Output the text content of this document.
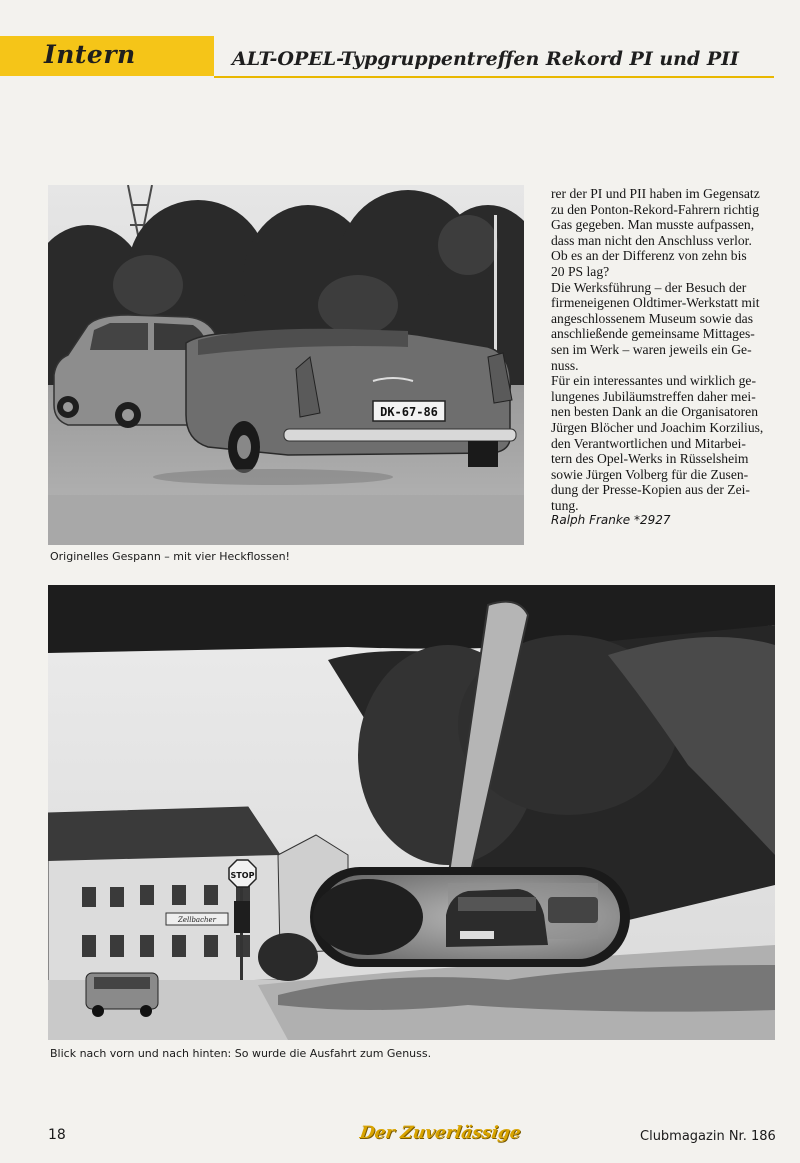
Intern	ALT-OPEL-Typgruppentreffen Rekord PI und PII
DK-67-86
Originelles Gespann – mit vier Heckflossen!
rer der PI und PII haben im Gegensatz
zu den Ponton-Rekord-Fahrern richtig
Gas gegeben. Man musste aufpassen,
dass man nicht den Anschluss verlor.
Ob es an der Differenz von zehn bis
20 PS lag?
Die Werksführung – der Besuch der
firmeneigenen Oldtimer-Werkstatt mit
angeschlossenem Museum sowie das
anschließende gemeinsame Mittages-
sen im Werk – waren jeweils ein Ge-
nuss.
Für ein interessantes und wirklich ge-
lungenes Jubiläumstreffen daher mei-
nen besten Dank an die Organisatoren
Jürgen Blöcher und Joachim Korzilius,
den Verantwortlichen und Mitarbei-
tern des Opel-Werks in Rüsselsheim
sowie Jürgen Volberg für die Zusen-
dung der Presse-Kopien aus der Zei-
tung.
Ralph Franke *2927
Zellbacher
STOP
Blick nach vorn und nach hinten: So wurde die Ausfahrt zum Genuss.
18	Der Zuverlässige	Clubmagazin Nr. 186
